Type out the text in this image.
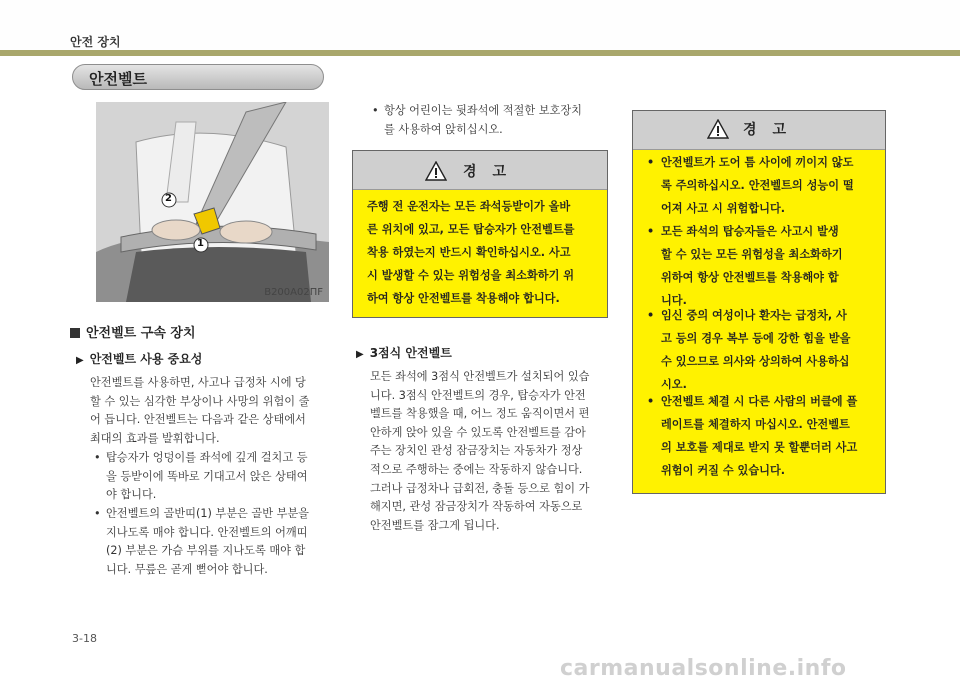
안전 장치
안전벨트
2
1
B200A02ΠF
안전벨트 구속 장치
▶ 안전벨트 사용 중요성
안전벨트를 사용하면, 사고나 급정차 시에 당
할 수 있는 심각한 부상이나 사망의 위험이 줄
어 듭니다. 안전벨트는 다음과 같은 상태에서
최대의 효과를 발휘합니다.
• 탑승자가 엉덩이를 좌석에 깊게 걸치고 등
을 등받이에 똑바로 기대고서 앉은 상태여
야 합니다.
• 안전벨트의 골반띠(1) 부분은 골반 부분을
지나도록 매야 합니다. 안전벨트의 어깨띠
(2) 부분은 가슴 부위를 지나도록 매야 합
니다. 무릎은 곧게 뻗어야 합니다.
• 항상 어린이는 뒷좌석에 적절한 보호장치
를 사용하여 앉히십시오.
경고
주행 전 운전자는 모든 좌석등받이가 올바
른 위치에 있고, 모든 탑승자가 안전벨트를
착용 하였는지 반드시 확인하십시오. 사고
시 발생할 수 있는 위험성을 최소화하기 위
하여 항상 안전벨트를 착용해야 합니다.
▶ 3점식 안전벨트
모든 좌석에 3점식 안전벨트가 설치되어 있습
니다. 3점식 안전벨트의 경우, 탑승자가 안전
벨트를 착용했을 때, 어느 정도 움직이면서 편
안하게 앉아 있을 수 있도록 안전벨트를 감아
주는 장치인 관성 잠금장치는 자동차가 정상
적으로 주행하는 중에는 작동하지 않습니다.
그러나 급정차나 급회전, 충돌 등으로 힘이 가
해지면, 관성 잠금장치가 작동하여 자동으로
안전벨트를 잠그게 됩니다.
경고
• 안전벨트가 도어 틈 사이에 끼이지 않도
록 주의하십시오. 안전벨트의 성능이 떨
어져 사고 시 위험합니다.
• 모든 좌석의 탑승자들은 사고시 발생
할 수 있는 모든 위험성을 최소화하기
위하여 항상 안전벨트를 착용해야 합
니다.
• 임신 중의 여성이나 환자는 급정차, 사
고 등의 경우 복부 등에 강한 힘을 받을
수 있으므로 의사와 상의하여 사용하십
시오.
• 안전벨트 체결 시 다른 사람의 버클에 플
레이트를 체결하지 마십시오. 안전벨트
의 보호를 제대로 받지 못 할뿐더러 사고
위험이 커질 수 있습니다.
3-18
carmanualsonline.info
